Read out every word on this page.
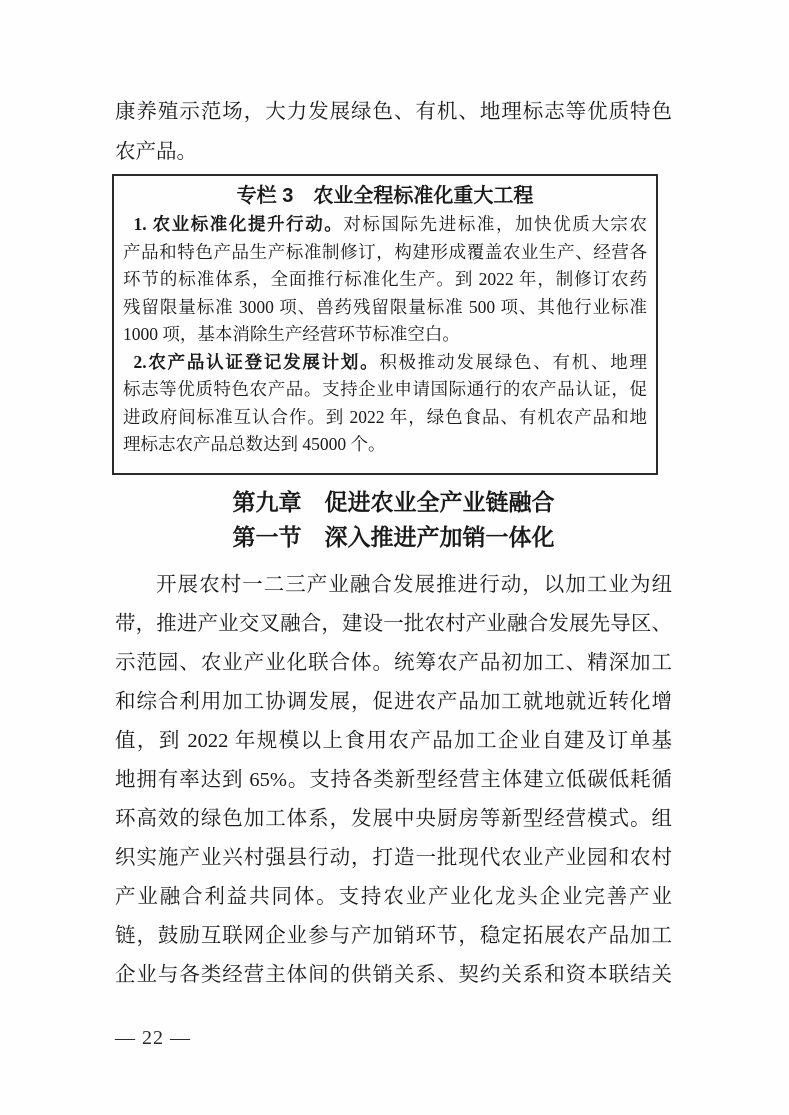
康养殖示范场，大力发展绿色、有机、地理标志等优质特色
农产品。
专栏 3　农业全程标准化重大工程
1. 农业标准化提升行动。对标国际先进标准，加快优质大宗农
产品和特色产品生产标准制修订，构建形成覆盖农业生产、经营各
环节的标准体系，全面推行标准化生产。到 2022 年，制修订农药
残留限量标准 3000 项、兽药残留限量标准 500 项、其他行业标准
1000 项，基本消除生产经营环节标准空白。
2.农产品认证登记发展计划。积极推动发展绿色、有机、地理
标志等优质特色农产品。支持企业申请国际通行的农产品认证，促
进政府间标准互认合作。到 2022 年，绿色食品、有机农产品和地
理标志农产品总数达到 45000 个。
第九章　促进农业全产业链融合
第一节　深入推进产加销一体化
开展农村一二三产业融合发展推进行动，以加工业为纽
带，推进产业交叉融合，建设一批农村产业融合发展先导区、
示范园、农业产业化联合体。统筹农产品初加工、精深加工
和综合利用加工协调发展，促进农产品加工就地就近转化增
值，到 2022 年规模以上食用农产品加工企业自建及订单基
地拥有率达到 65%。支持各类新型经营主体建立低碳低耗循
环高效的绿色加工体系，发展中央厨房等新型经营模式。组
织实施产业兴村强县行动，打造一批现代农业产业园和农村
产业融合利益共同体。支持农业产业化龙头企业完善产业
链，鼓励互联网企业参与产加销环节，稳定拓展农产品加工
企业与各类经营主体间的供销关系、契约关系和资本联结关
— 22 —
